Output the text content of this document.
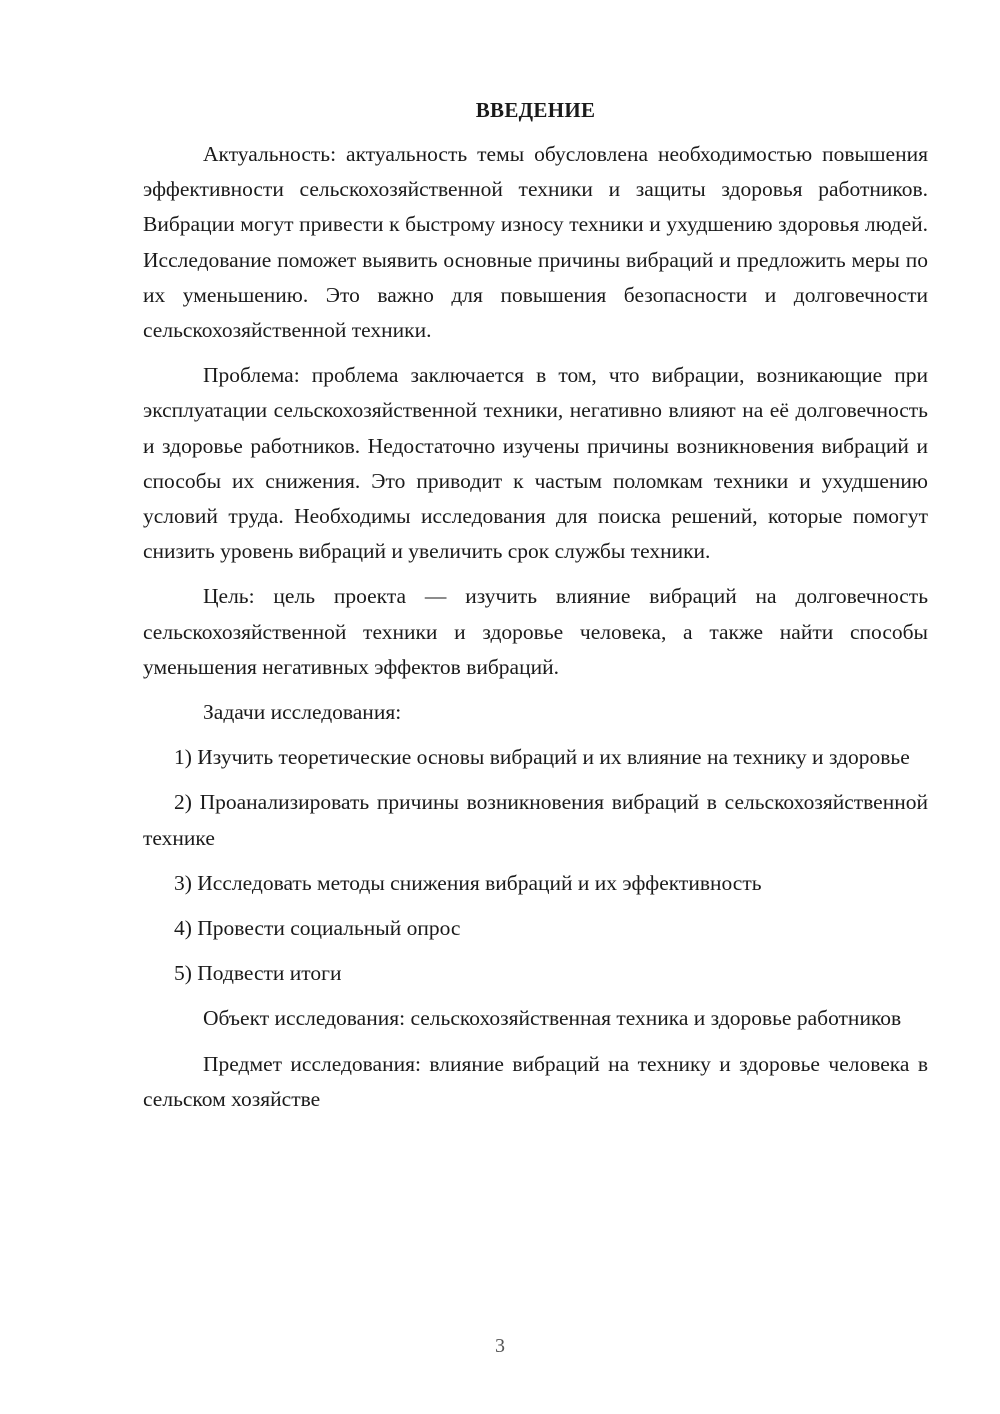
ВВЕДЕНИЕ

Актуальность: актуальность темы обусловлена необходимостью повышения эффективности сельскохозяйственной техники и защиты здоровья работников. Вибрации могут привести к быстрому износу техники и ухудшению здоровья людей. Исследование поможет выявить основные причины вибраций и предложить меры по их уменьшению. Это важно для повышения безопасности и долговечности сельскохозяйственной техники.

Проблема: проблема заключается в том, что вибрации, возникающие при эксплуатации сельскохозяйственной техники, негативно влияют на её долговечность и здоровье работников. Недостаточно изучены причины возникновения вибраций и способы их снижения. Это приводит к частым поломкам техники и ухудшению условий труда. Необходимы исследования для поиска решений, которые помогут снизить уровень вибраций и увеличить срок службы техники.

Цель: цель проекта — изучить влияние вибраций на долговечность сельскохозяйственной техники и здоровье человека, а также найти способы уменьшения негативных эффектов вибраций.

Задачи исследования:

1) Изучить теоретические основы вибраций и их влияние на технику и здоровье

2) Проанализировать причины возникновения вибраций в сельскохозяйственной технике

3) Исследовать методы снижения вибраций и их эффективность

4) Провести социальный опрос

5) Подвести итоги

Объект исследования: сельскохозяйственная техника и здоровье работников

Предмет исследования: влияние вибраций на технику и здоровье человека в сельском хозяйстве

3
